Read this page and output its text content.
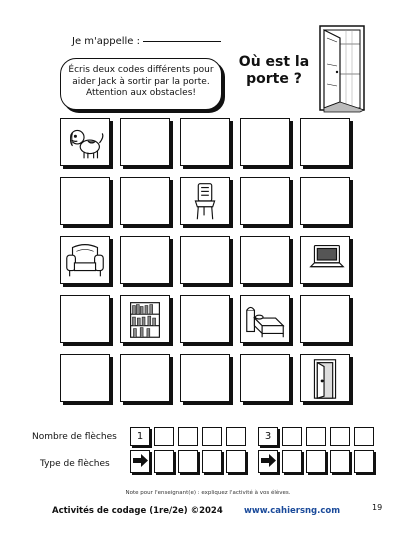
Je m'appelle :
Écris deux codes différents pour aider Jack à sortir par la porte. Attention aux obstacles!
Où est la porte ?
Nombre de flèches
Type de flèches
1	3
Note pour l'enseignant(e) : expliquez l'activité à vos élèves.
Activités de codage (1re/2e) ©2024 www.cahiersng.com	19
